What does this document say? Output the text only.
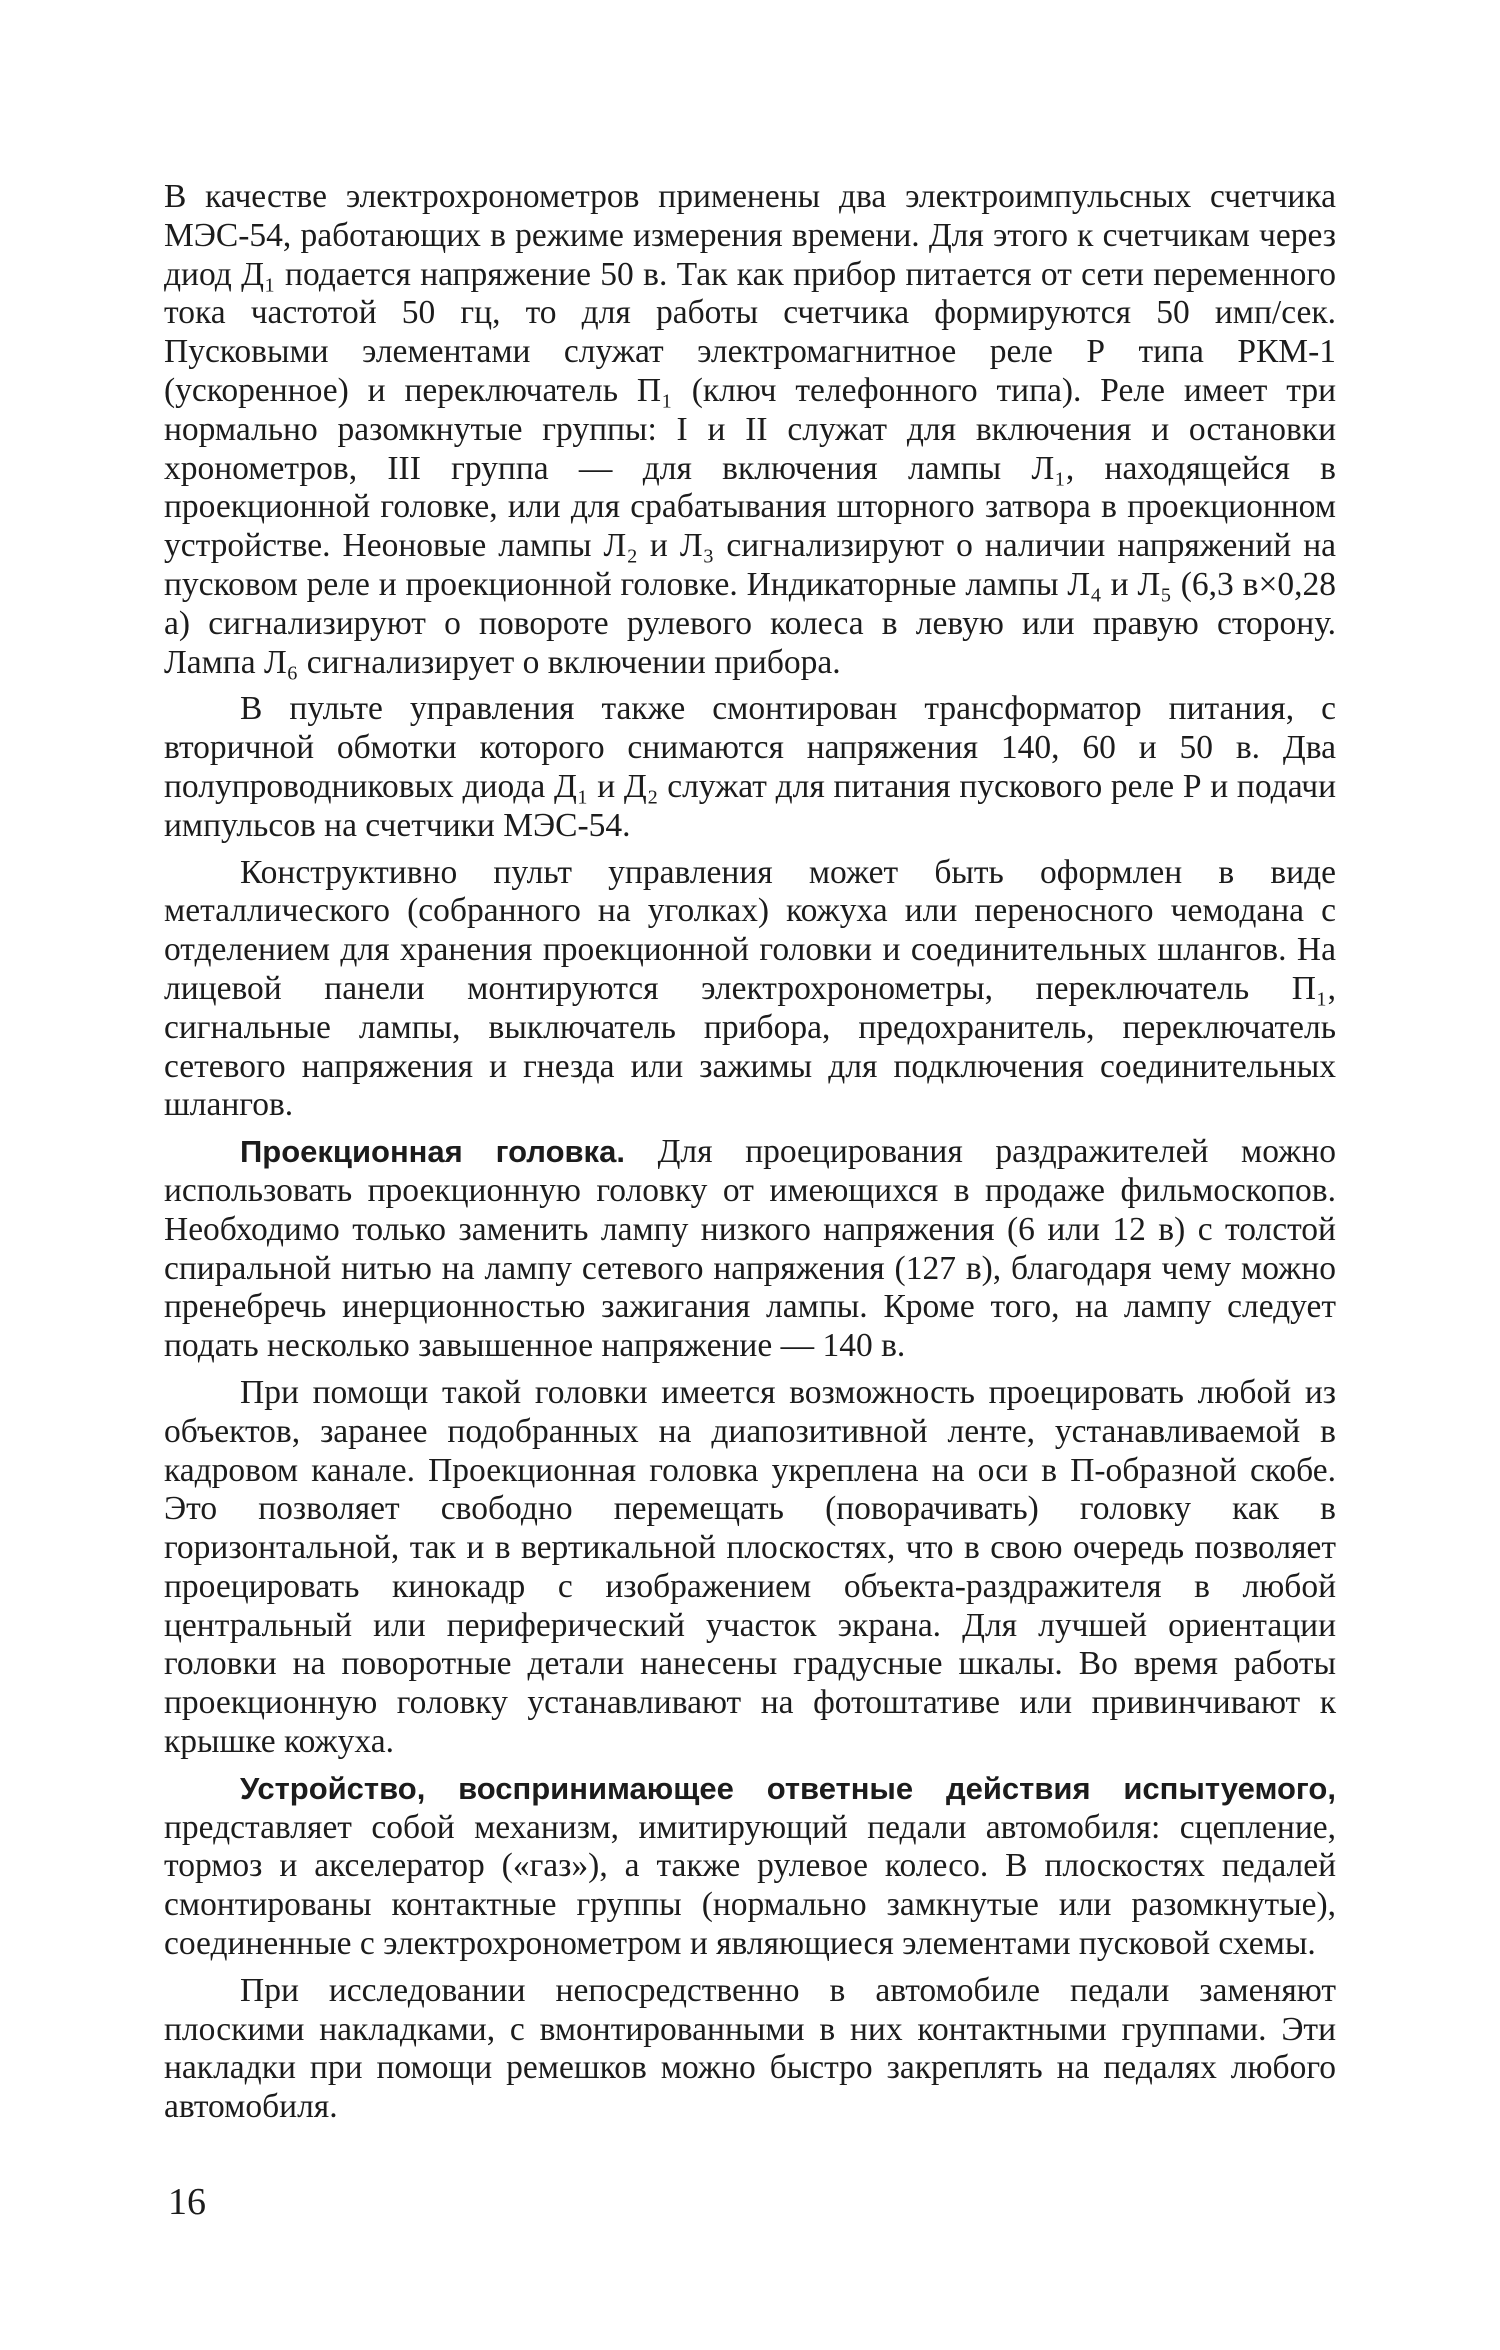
В качестве электрохронометров применены два электроимпульсных счетчика МЭС-54, работающих в режиме измерения времени. Для этого к счетчикам через диод Д₁ подается напряжение 50 в. Так как прибор питается от сети переменного тока частотой 50 гц, то для работы счетчика формируются 50 имп/сек. Пусковыми элементами служат электромагнитное реле Р типа РКМ-1 (ускоренное) и переключатель П₁ (ключ телефонного типа). Реле имеет три нормально разомкнутые группы: I и II служат для включения и остановки хронометров, III группа — для включения лампы Л₁, находящейся в проекционной головке, или для срабатывания шторного затвора в проекционном устройстве. Неоновые лампы Л₂ и Л₃ сигнализируют о наличии напряжений на пусковом реле и проекционной головке. Индикаторные лампы Л₄ и Л₅ (6,3 в×0,28 а) сигнализируют о повороте рулевого колеса в левую или правую сторону. Лампа Л₆ сигнализирует о включении прибора.

В пульте управления также смонтирован трансформатор питания, с вторичной обмотки которого снимаются напряжения 140, 60 и 50 в. Два полупроводниковых диода Д₁ и Д₂ служат для питания пускового реле Р и подачи импульсов на счетчики МЭС-54.

Конструктивно пульт управления может быть оформлен в виде металлического (собранного на уголках) кожуха или переносного чемодана с отделением для хранения проекционной головки и соединительных шлангов. На лицевой панели монтируются электрохронометры, переключатель П₁, сигнальные лампы, выключатель прибора, предохранитель, переключатель сетевого напряжения и гнезда или зажимы для подключения соединительных шлангов.

Проекционная головка. Для проецирования раздражителей можно использовать проекционную головку от имеющихся в продаже фильмоскопов. Необходимо только заменить лампу низкого напряжения (6 или 12 в) с толстой спиральной нитью на лампу сетевого напряжения (127 в), благодаря чему можно пренебречь инерционностью зажигания лампы. Кроме того, на лампу следует подать несколько завышенное напряжение — 140 в.

При помощи такой головки имеется возможность проецировать любой из объектов, заранее подобранных на диапозитивной ленте, устанавливаемой в кадровом канале. Проекционная головка укреплена на оси в П-образной скобе. Это позволяет свободно перемещать (поворачивать) головку как в горизонтальной, так и в вертикальной плоскостях, что в свою очередь позволяет проецировать кинокадр с изображением объекта-раздражителя в любой центральный или периферический участок экрана. Для лучшей ориентации головки на поворотные детали нанесены градусные шкалы. Во время работы проекционную головку устанавливают на фотоштативе или привинчивают к крышке кожуха.

Устройство, воспринимающее ответные действия испытуемого, представляет собой механизм, имитирующий педали автомобиля: сцепление, тормоз и акселератор («газ»), а также рулевое колесо. В плоскостях педалей смонтированы контактные группы (нормально замкнутые или разомкнутые), соединенные с электрохронометром и являющиеся элементами пусковой схемы.

При исследовании непосредственно в автомобиле педали заменяют плоскими накладками, с вмонтированными в них контактными группами. Эти накладки при помощи ремешков можно быстро закреплять на педалях любого автомобиля.

16
